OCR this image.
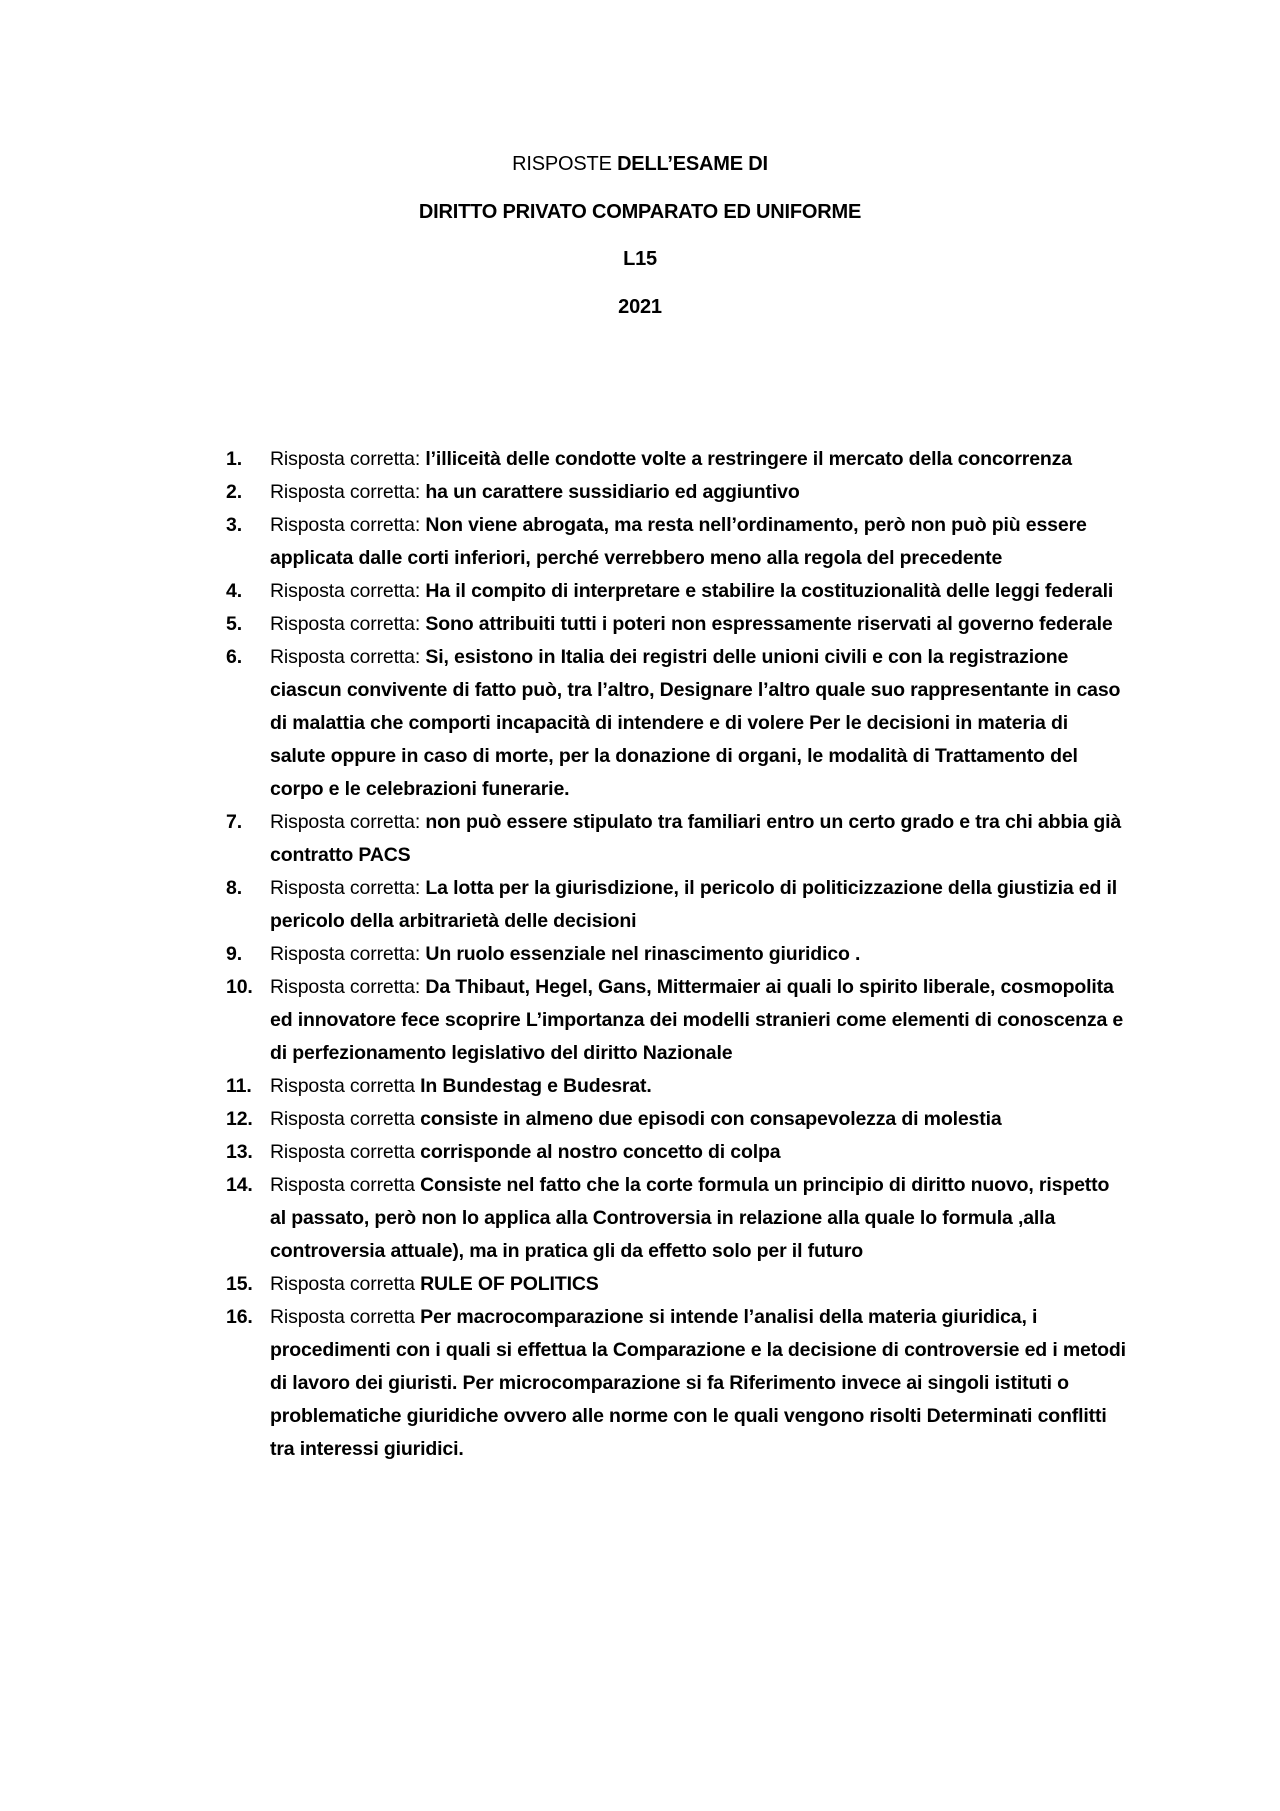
RISPOSTE DELL’ESAME DI
DIRITTO PRIVATO COMPARATO ED UNIFORME
L15
2021
1. Risposta corretta: l’illiceità delle condotte volte a restringere il mercato della concorrenza
2. Risposta corretta: ha un carattere sussidiario ed aggiuntivo
3. Risposta corretta: Non viene abrogata, ma resta nell’ordinamento, però non può più essere applicata dalle corti inferiori, perché verrebbero meno alla regola del precedente
4. Risposta corretta: Ha il compito di interpretare e stabilire la costituzionalità delle leggi federali
5. Risposta corretta: Sono attribuiti tutti i poteri non espressamente riservati al governo federale
6. Risposta corretta: Si, esistono in Italia dei registri delle unioni civili e con la registrazione ciascun convivente di fatto può, tra l’altro, Designare l’altro quale suo rappresentante in caso di malattia che comporti incapacità di intendere e di volere Per le decisioni in materia di salute oppure in caso di morte, per la donazione di organi, le modalità di Trattamento del corpo e le celebrazioni funerarie.
7. Risposta corretta: non può essere stipulato tra familiari entro un certo grado e tra chi abbia già contratto PACS
8. Risposta corretta: La lotta per la giurisdizione, il pericolo di politicizzazione della giustizia ed il pericolo della arbitrarietà delle decisioni
9. Risposta corretta: Un ruolo essenziale nel rinascimento giuridico .
10. Risposta corretta: Da Thibaut, Hegel, Gans, Mittermaier ai quali lo spirito liberale, cosmopolita ed innovatore fece scoprire L’importanza dei modelli stranieri come elementi di conoscenza e di perfezionamento legislativo del diritto Nazionale
11. Risposta corretta In Bundestag e Budesrat.
12. Risposta corretta consiste in almeno due episodi con consapevolezza di molestia
13. Risposta corretta corrisponde al nostro concetto di colpa
14. Risposta corretta Consiste nel fatto che la corte formula un principio di diritto nuovo, rispetto al passato, però non lo applica alla Controversia in relazione alla quale lo formula ,alla controversia attuale), ma in pratica gli da effetto solo per il futuro
15. Risposta corretta RULE OF POLITICS
16. Risposta corretta Per macrocomparazione si intende l’analisi della materia giuridica, i procedimenti con i quali si effettua la Comparazione e la decisione di controversie ed i metodi di lavoro dei giuristi. Per microcomparazione si fa Riferimento invece ai singoli istituti o problematiche giuridiche ovvero alle norme con le quali vengono risolti Determinati conflitti tra interessi giuridici.
